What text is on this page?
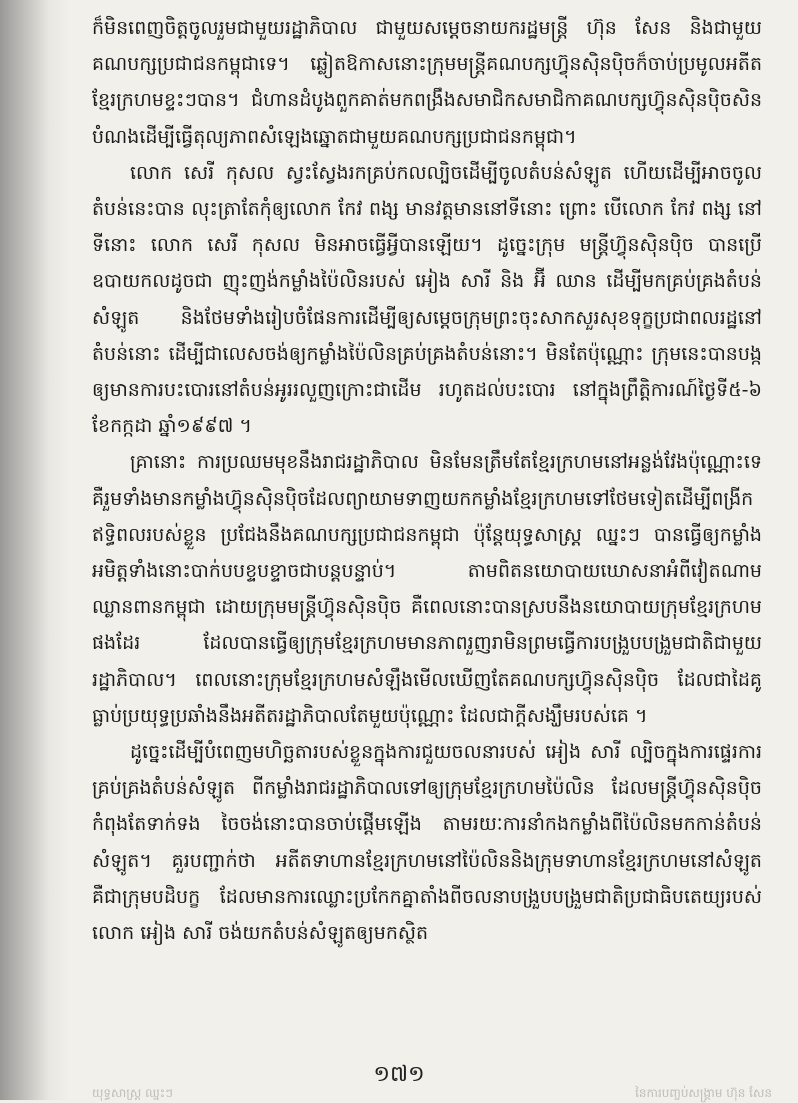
ក៏មិនពេញចិត្តចូលរួមជាមួយរដ្ឋាភិបាល ជាមួយសម្តេចនាយករដ្ឋមន្ត្រី ហ៊ុន សែន និងជាមួយគណបក្សប្រជាជនកម្ពុជាទេ។ ឆ្លៀតឱកាសនោះក្រុមមន្ត្រីគណបក្សហ៊្វុនស៊ិនប៉ិចក៏ចាប់ប្រមូលអតីតខ្មែរក្រហមខ្ទះៗបាន។ ជំហានដំបូងពួកគាត់មកពង្រឹងសមាជិកសមាជិកាគណបក្សហ៊្វុនស៊ិនប៉ិចសិន បំណងដើម្បីធ្វើតុល្យភាពសំឡេងឆ្នោតជាមួយគណបក្សប្រជាជនកម្ពុជា។

លោក សេរី កុសល ស្វះស្វែងរកគ្រប់កលល្បិចដើម្បីចូលតំបន់សំឡូត ហើយដើម្បីអាចចូលតំបន់នេះបាន លុះត្រាតែកុំឲ្យលោក កែវ ពង្ស មានវត្តមាននៅទីនោះ ព្រោះ បើលោក កែវ ពង្ស នៅទីនោះ លោក សេរី កុសល មិនអាចធ្វើអ្វីបានឡើយ។ ដូច្នេះក្រុម មន្ត្រីហ៊្វុនស៊ិនប៉ិច បានប្រើឧបាយកលដូចជា ញុះញង់កម្លាំងប៉ៃលិនរបស់ អៀង សារី និង អ៊ី ឈាន ដើម្បីមកគ្រប់គ្រងតំបន់សំឡូត និងថែមទាំងរៀបចំផែនការដើម្បីឲ្យសម្តេចក្រុមព្រះចុះសាកសួរសុខទុក្ខប្រជាពលរដ្ឋនៅតំបន់នោះ ដើម្បីជាលេសចង់ឲ្យកម្លាំងប៉ៃលិនគ្រប់គ្រងតំបន់នោះ។ មិនតែប៉ុណ្ណោះ ក្រុមនេះបានបង្កឲ្យមានការបះបោរនៅតំបន់អូររលួញក្រោះជាដើម រហូតដល់បះបោរ នៅក្នុងព្រឹត្តិការណ៍ថ្ងៃទី៥-៦ ខែកក្កដា ឆ្នាំ១៩៩៧ ។

គ្រានោះ ការប្រឈមមុខនឹងរាជរដ្ឋាភិបាល មិនមែនត្រឹមតែខ្មែរក្រហមនៅអន្លង់វែងប៉ុណ្ណោះទេ គឺរួមទាំងមានកម្លាំងហ៊្វុនស៊ិនប៉ិចដែលព្យាយាមទាញយកកម្លាំងខ្មែរក្រហមទៅថែមទៀតដើម្បីពង្រីកឥទ្ធិពលរបស់ខ្លួន ប្រជែងនឹងគណបក្សប្រជាជនកម្ពុជា ប៉ុន្តែយុទ្ធសាស្ត្រ ឈ្នះៗ បានធ្វើឲ្យកម្លាំងអមិត្តទាំងនោះបាក់បបខ្ទបខ្ទាចជាបន្តបន្ទាប់។ តាមពិតនយោបាយឃោសនាអំពីវៀតណាមឈ្លានពានកម្ពុជា ដោយក្រុមមន្ត្រីហ៊្វុនស៊ិនប៉ិច គឺពេលនោះបានស្របនឹងនយោបាយក្រុមខ្មែរក្រហមផងដែរ ដែលបានធ្វើឲ្យក្រុមខ្មែរក្រហមមានភាពរួញរាមិនព្រមធ្វើការបង្រួបបង្រួមជាតិជាមួយរដ្ឋាភិបាល។ ពេលនោះក្រុមខ្មែរក្រហមសំឡឹងមើលឃើញតែគណបក្សហ៊្វុនស៊ិនប៉ិច ដែលជាដៃគូធ្លាប់ប្រយុទ្ធប្រឆាំងនឹងអតីតរដ្ឋាភិបាលតែមួយប៉ុណ្ណោះ ដែលជាក្តីសង្ឃឹមរបស់គេ ។

ដូច្នេះដើម្បីបំពេញមហិច្ឆតារបស់ខ្លួនក្នុងការជួយចលនារបស់ អៀង សារី ល្បិចក្នុងការផ្ទេរការគ្រប់គ្រងតំបន់សំឡូត ពីកម្លាំងរាជរដ្ឋាភិបាលទៅឲ្យក្រុមខ្មែរក្រហមប៉ៃលិន ដែលមន្ត្រីហ៊្វុនស៊ិនប៉ិចកំពុងតែទាក់ទង ចៃចង់នោះបានចាប់ផ្តើមឡើង តាមរយៈការនាំកងកម្លាំងពីប៉ៃលិនមកកាន់តំបន់សំឡូត។ គួរបញ្ជាក់ថា អតីតទាហានខ្មែរក្រហមនៅប៉ៃលិននិងក្រុមទាហានខ្មែរក្រហមនៅសំឡូតគឺជាក្រុមបដិបក្ខ ដែលមានការឈ្លោះប្រកែកគ្នាតាំងពីចលនាបង្រួបបង្រួមជាតិប្រជាធិបតេយ្យរបស់លោក អៀង សារី ចង់យកតំបន់សំឡូតឲ្យមកស្ថិត

១៧១
យុទ្ធសាស្ត្រ ឈ្នះៗ	នៃការបញ្ចប់សង្គ្រាម ហ៊ុន សែន
